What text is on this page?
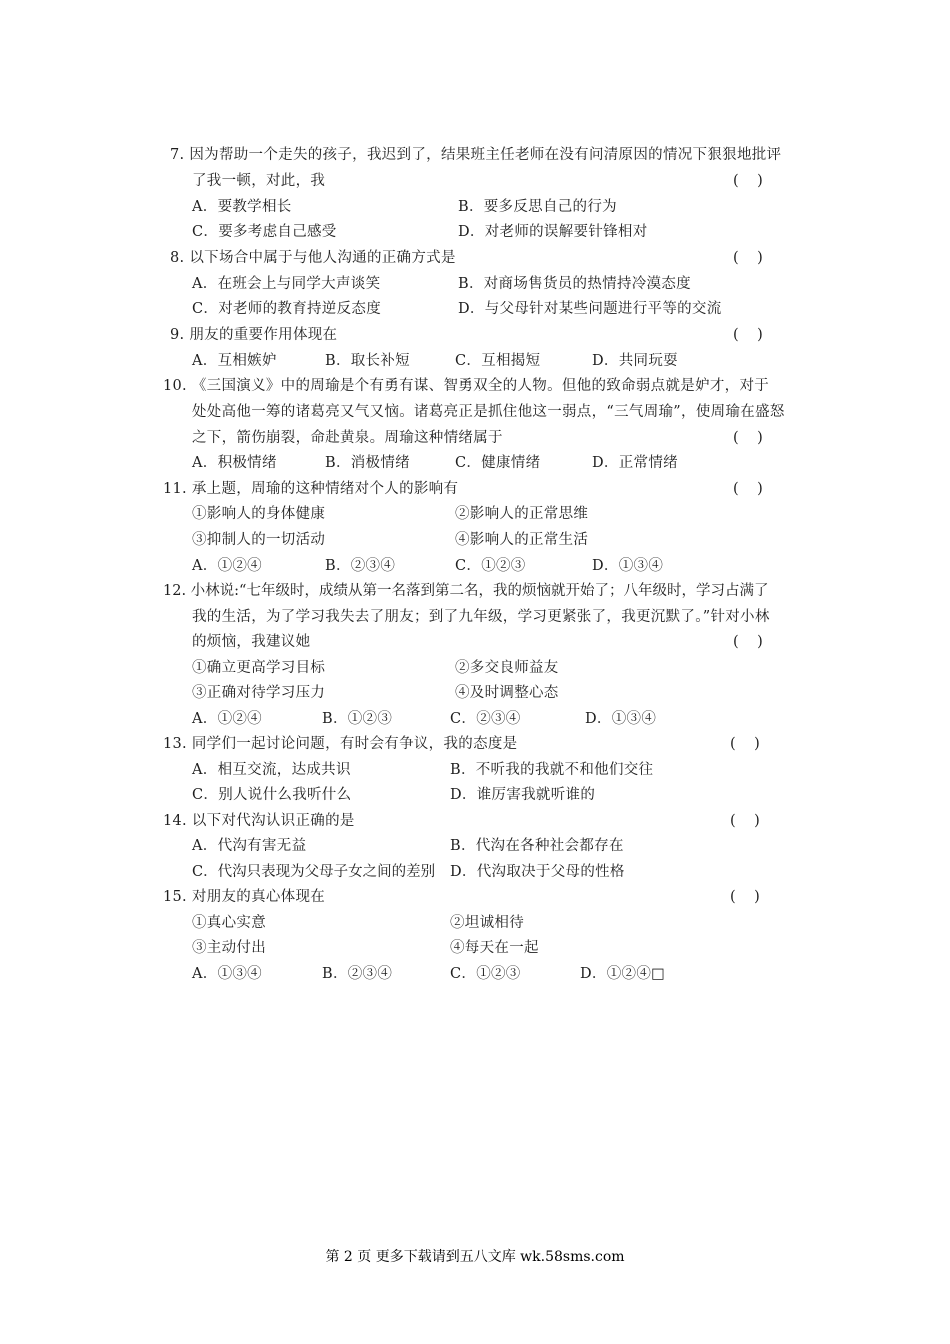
7. 因为帮助一个走失的孩子，我迟到了，结果班主任老师在没有问清原因的情况下狠狠地批评
了我一顿，对此，我	(    )
A．要教学相长	B．要多反思自己的行为
C．要多考虑自己感受	D．对老师的误解要针锋相对
8. 以下场合中属于与他人沟通的正确方式是	(    )
A．在班会上与同学大声谈笑	B．对商场售货员的热情持冷漠态度
C．对老师的教育持逆反态度	D．与父母针对某些问题进行平等的交流
9. 朋友的重要作用体现在	(    )
A．互相嫉妒	B．取长补短	C．互相揭短	D．共同玩耍
10. 《三国演义》中的周瑜是个有勇有谋、智勇双全的人物。但他的致命弱点就是妒才，对于
处处高他一筹的诸葛亮又气又恼。诸葛亮正是抓住他这一弱点，“三气周瑜”，使周瑜在盛怒
之下，箭伤崩裂，命赴黄泉。周瑜这种情绪属于	(    )
A．积极情绪	B．消极情绪	C．健康情绪	D．正常情绪
11. 承上题，周瑜的这种情绪对个人的影响有	(    )
①影响人的身体健康	②影响人的正常思维
③抑制人的一切活动	④影响人的正常生活
A．①②④	B．②③④	C．①②③	D．①③④
12. 小林说:“七年级时，成绩从第一名落到第二名，我的烦恼就开始了；八年级时，学习占满了
我的生活，为了学习我失去了朋友；到了九年级，学习更紧张了，我更沉默了。”针对小林
的烦恼，我建议她	(    )
①确立更高学习目标	②多交良师益友
③正确对待学习压力	④及时调整心态
A．①②④	B．①②③	C．②③④	D．①③④
13. 同学们一起讨论问题，有时会有争议，我的态度是	(    )
A．相互交流，达成共识	B．不听我的我就不和他们交往
C．别人说什么我听什么	D．谁厉害我就听谁的
14. 以下对代沟认识正确的是	(    )
A．代沟有害无益	B．代沟在各种社会都存在
C．代沟只表现为父母子女之间的差别 D．代沟取决于父母的性格
15. 对朋友的真心体现在	(    )
①真心实意	②坦诚相待
③主动付出	④每天在一起
A．①③④	B．②③④	C．①②③	D．①②④□
第 2 页 更多下载请到五八文库 wk.58sms.com
